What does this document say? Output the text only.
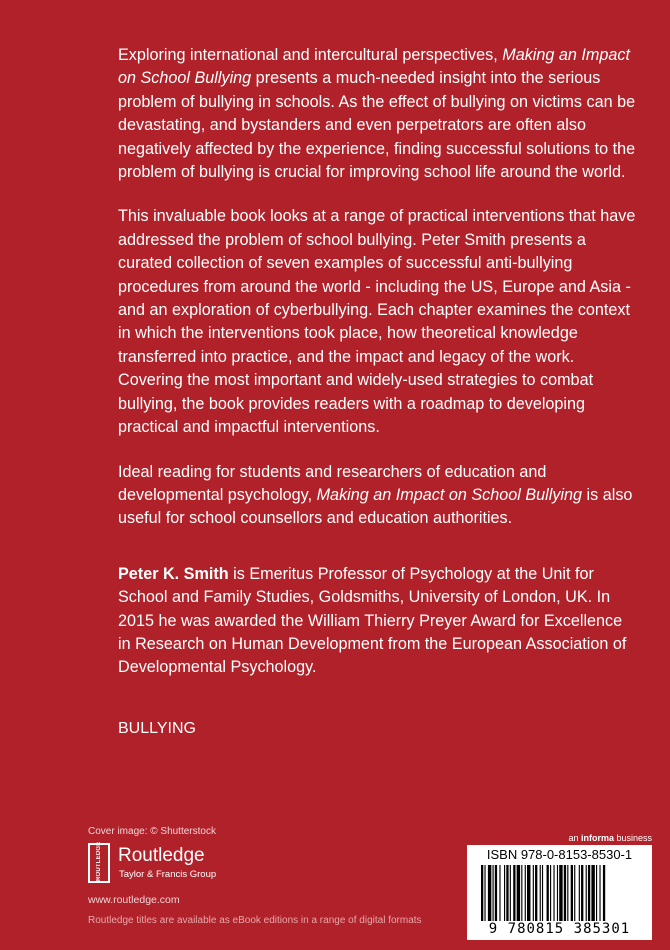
Exploring international and intercultural perspectives, Making an Impact on School Bullying presents a much-needed insight into the serious problem of bullying in schools. As the effect of bullying on victims can be devastating, and bystanders and even perpetrators are often also negatively affected by the experience, finding successful solutions to the problem of bullying is crucial for improving school life around the world.

This invaluable book looks at a range of practical interventions that have addressed the problem of school bullying. Peter Smith presents a curated collection of seven examples of successful anti-bullying procedures from around the world - including the US, Europe and Asia - and an exploration of cyberbullying. Each chapter examines the context in which the interventions took place, how theoretical knowledge transferred into practice, and the impact and legacy of the work. Covering the most important and widely-used strategies to combat bullying, the book provides readers with a roadmap to developing practical and impactful interventions.

Ideal reading for students and researchers of education and developmental psychology, Making an Impact on School Bullying is also useful for school counsellors and education authorities.

Peter K. Smith is Emeritus Professor of Psychology at the Unit for School and Family Studies, Goldsmiths, University of London, UK. In 2015 he was awarded the William Thierry Preyer Award for Excellence in Research on Human Development from the European Association of Developmental Psychology.

BULLYING
Cover image: © Shutterstock
ROUTLEDGE Routledge
Taylor & Francis Group
www.routledge.com
Routledge titles are available as eBook editions in a range of digital formats
an informa business
ISBN 978-0-8153-8530-1
9 780815 385301
